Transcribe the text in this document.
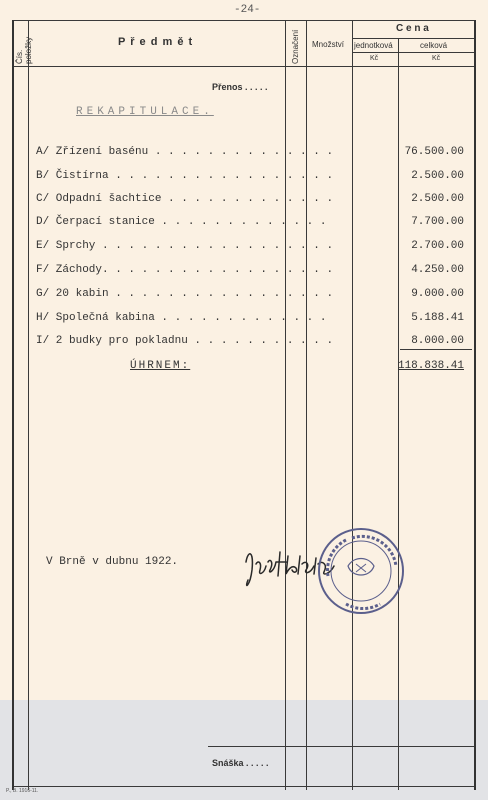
-24-
Čís. položky	P ř e d m ě t	Označení Množství
C e n a
jednotková	celková
Kč	Kč
Přenos . . . . .
REKAPITULACE.
A/ Zřízení basénu . . . . . . . . . . . . . .	76.500.00
B/ Čistírna . . . . . . . . . . . . . . . . .	2.500.00
C/ Odpadní šachtice . . . . . . . . . . . . .	2.500.00
D/ Čerpací stanice . . . . . . . . . . . . .	7.700.00
E/ Sprchy . . . . . . . . . . . . . . . . . .	2.700.00
F/ Záchody. . . . . . . . . . . . . . . . . .	4.250.00
G/ 20 kabin . . . . . . . . . . . . . . . . .	9.000.00
H/ Společná kabina . . . . . . . . . . . . .	5.188.41
I/ 2 budky pro pokladnu . . . . . . . . . . .	8.000.00
ÚHRNEM:	118.838.41
V Brně v dubnu 1922.
Snáška . . . . .
P., B. 1916-11.
